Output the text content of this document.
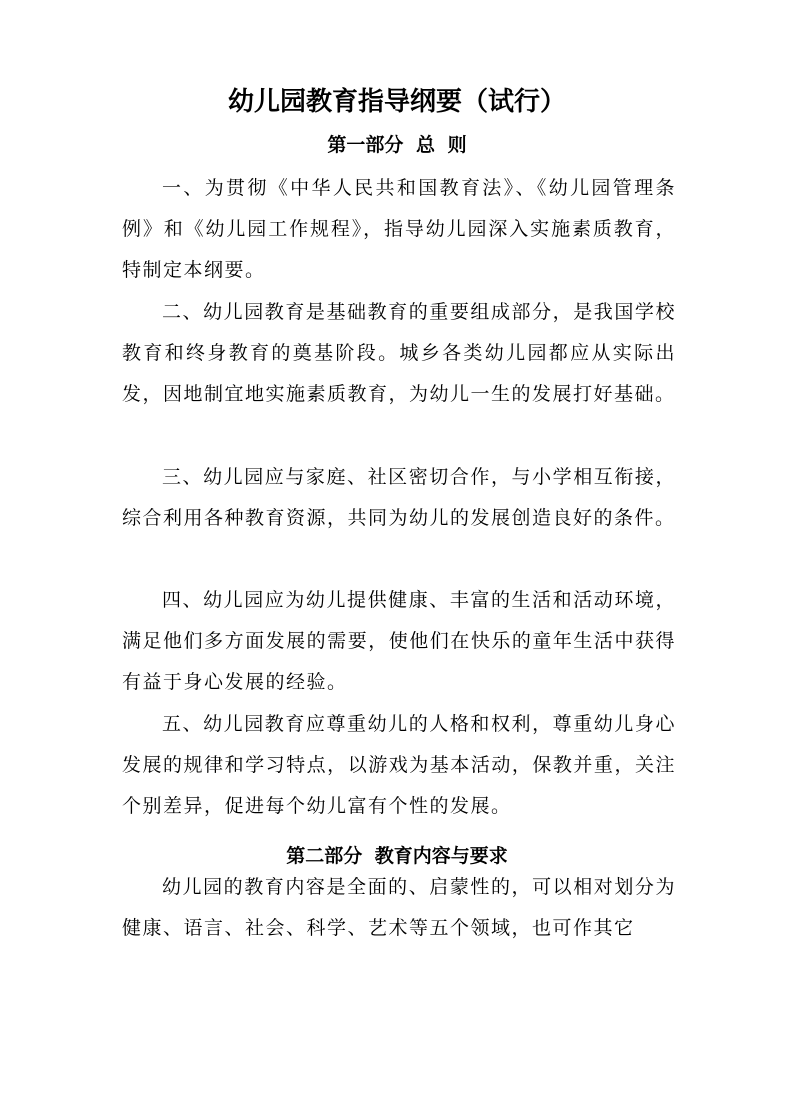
幼儿园教育指导纲要（试行）
第一部分 总 则

一、为贯彻《中华人民共和国教育法》、《幼儿园管理条例》和《幼儿园工作规程》，指导幼儿园深入实施素质教育，特制定本纲要。

二、幼儿园教育是基础教育的重要组成部分，是我国学校教育和终身教育的奠基阶段。城乡各类幼儿园都应从实际出发，因地制宜地实施素质教育，为幼儿一生的发展打好基础。

三、幼儿园应与家庭、社区密切合作，与小学相互衔接，综合利用各种教育资源，共同为幼儿的发展创造良好的条件。

四、幼儿园应为幼儿提供健康、丰富的生活和活动环境，满足他们多方面发展的需要，使他们在快乐的童年生活中获得有益于身心发展的经验。

五、幼儿园教育应尊重幼儿的人格和权利，尊重幼儿身心发展的规律和学习特点，以游戏为基本活动，保教并重，关注个别差异，促进每个幼儿富有个性的发展。

第二部分 教育内容与要求

幼儿园的教育内容是全面的、启蒙性的，可以相对划分为健康、语言、社会、科学、艺术等五个领域，也可作其它
